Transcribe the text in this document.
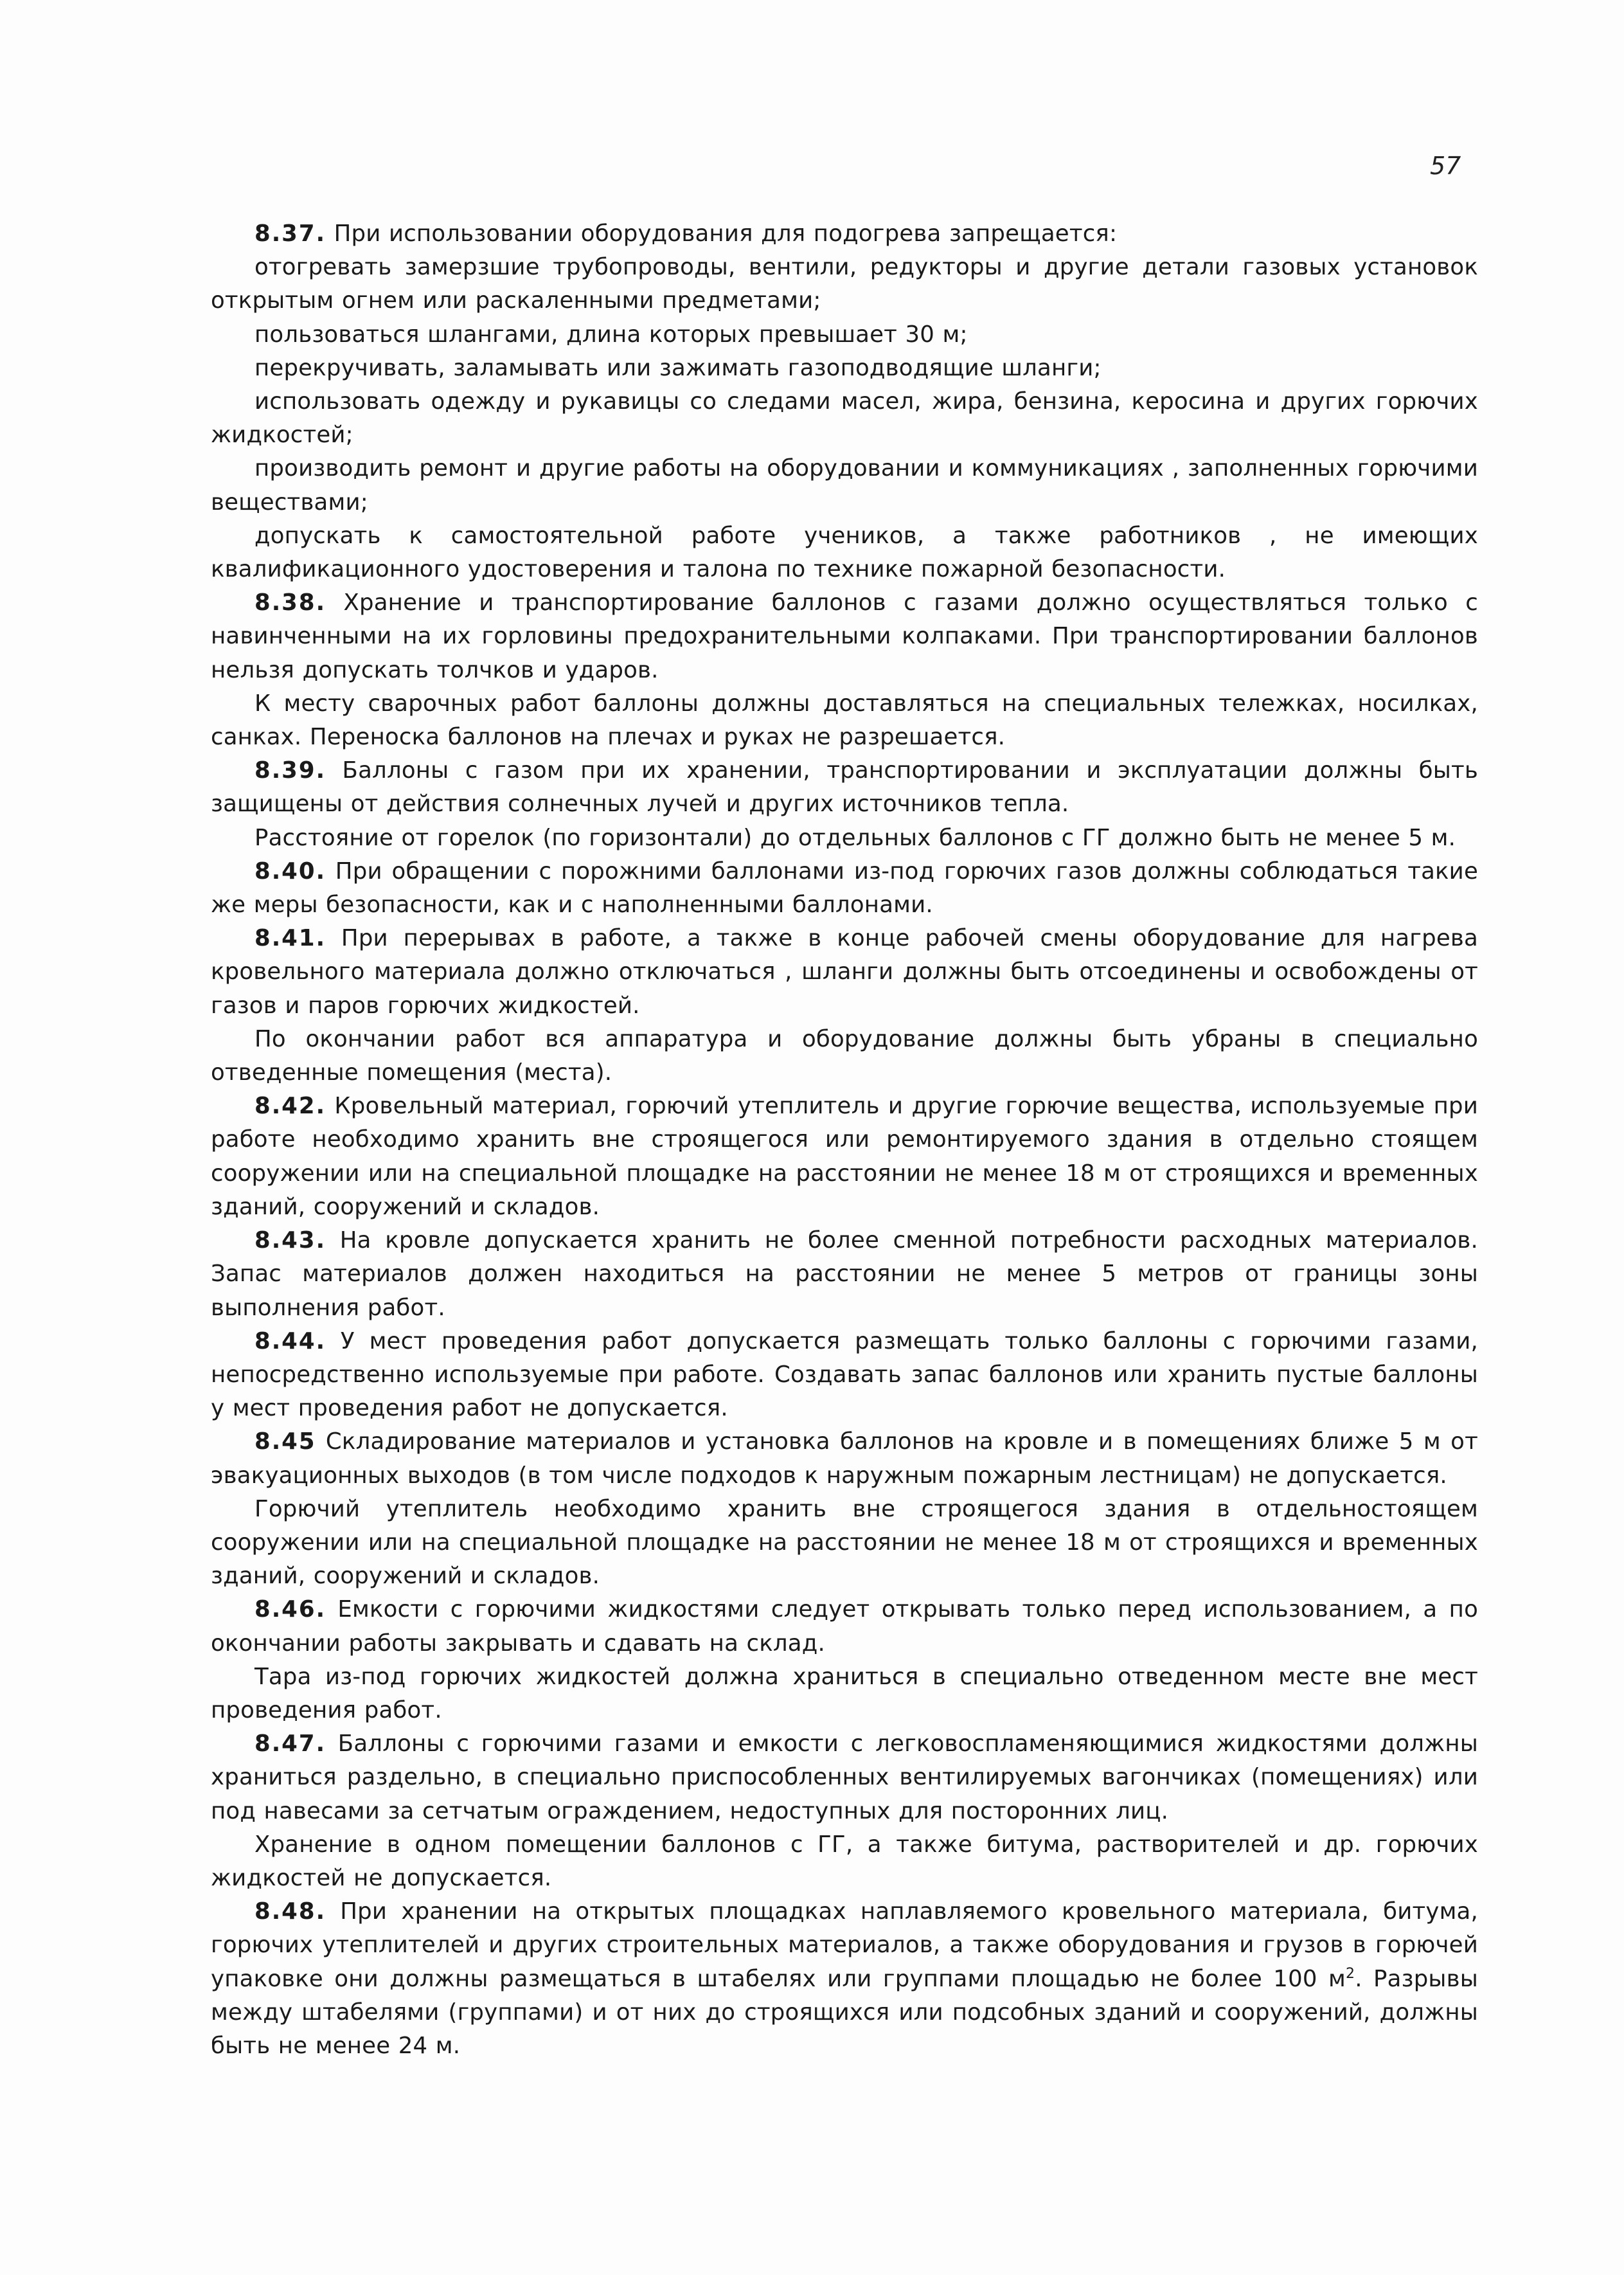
57

8.37. При использовании оборудования для подогрева запрещается:

отогревать замерзшие трубопроводы, вентили, редукторы и другие детали газовых установок открытым огнем или раскаленными предметами;

пользоваться шлангами, длина которых превышает 30 м;

перекручивать, заламывать или зажимать газоподводящие шланги;

использовать одежду и рукавицы со следами масел, жира, бензина, керосина и других горючих жидкостей;

производить ремонт и другие работы на оборудовании и коммуникациях , заполненных горючими веществами;

допускать к самостоятельной работе учеников, а также работников , не имеющих квалификационного удостоверения и талона по технике пожарной безопасности.

8.38. Хранение и транспортирование баллонов с газами должно осуществляться только с навинченными на их горловины предохранительными колпаками. При транспортировании баллонов нельзя допускать толчков и ударов.

К месту сварочных работ баллоны должны доставляться на специальных тележках, носилках, санках. Переноска баллонов на плечах и руках не разрешается.

8.39. Баллоны с газом при их хранении, транспортировании и эксплуатации должны быть защищены от действия солнечных лучей и других источников тепла.

Расстояние от горелок (по горизонтали) до отдельных баллонов с ГГ должно быть не менее 5 м.

8.40. При обращении с порожними баллонами из-под горючих газов должны соблюдаться такие же меры безопасности, как и с наполненными баллонами.

8.41. При перерывах в работе, а также в конце рабочей смены оборудование для нагрева кровельного материала должно отключаться , шланги должны быть отсоединены и освобождены от газов и паров горючих жидкостей.

По окончании работ вся аппаратура и оборудование должны быть убраны в специально отведенные помещения (места).

8.42. Кровельный материал, горючий утеплитель и другие горючие вещества, используемые при работе необходимо хранить вне строящегося или ремонтируемого здания в отдельно стоящем сооружении или на специальной площадке на расстоянии не менее 18 м от строящихся и временных зданий, сооружений и складов.

8.43. На кровле допускается хранить не более сменной потребности расходных материалов. Запас материалов должен находиться на расстоянии не менее 5 метров от границы зоны выполнения работ.

8.44. У мест проведения работ допускается размещать только баллоны с горючими газами, непосредственно используемые при работе. Создавать запас баллонов или хранить пустые баллоны у мест проведения работ не допускается.

8.45 Складирование материалов и установка баллонов на кровле и в помещениях ближе 5 м от эвакуационных выходов (в том числе подходов к наружным пожарным лестницам) не допускается.

Горючий утеплитель необходимо хранить вне строящегося здания в отдельностоящем сооружении или на специальной площадке на расстоянии не менее 18 м от строящихся и временных зданий, сооружений и складов.

8.46. Емкости с горючими жидкостями следует открывать только перед использованием, а по окончании работы закрывать и сдавать на склад.

Тара из-под горючих жидкостей должна храниться в специально отведенном месте вне мест проведения работ.

8.47. Баллоны с горючими газами и емкости с легковоспламеняющимися жидкостями должны храниться раздельно, в специально приспособленных вентилируемых вагончиках (помещениях) или под навесами за сетчатым ограждением, недоступных для посторонних лиц.

Хранение в одном помещении баллонов с ГГ, а также битума, растворителей и др. горючих жидкостей не допускается.

8.48. При хранении на открытых площадках наплавляемого кровельного материала, битума, горючих утеплителей и других строительных материалов, а также оборудования и грузов в горючей упаковке они должны размещаться в штабелях или группами площадью не более 100 $м^2$. Разрывы между штабелями (группами) и от них до строящихся или подсобных зданий и сооружений, должны быть не менее 24 м.
